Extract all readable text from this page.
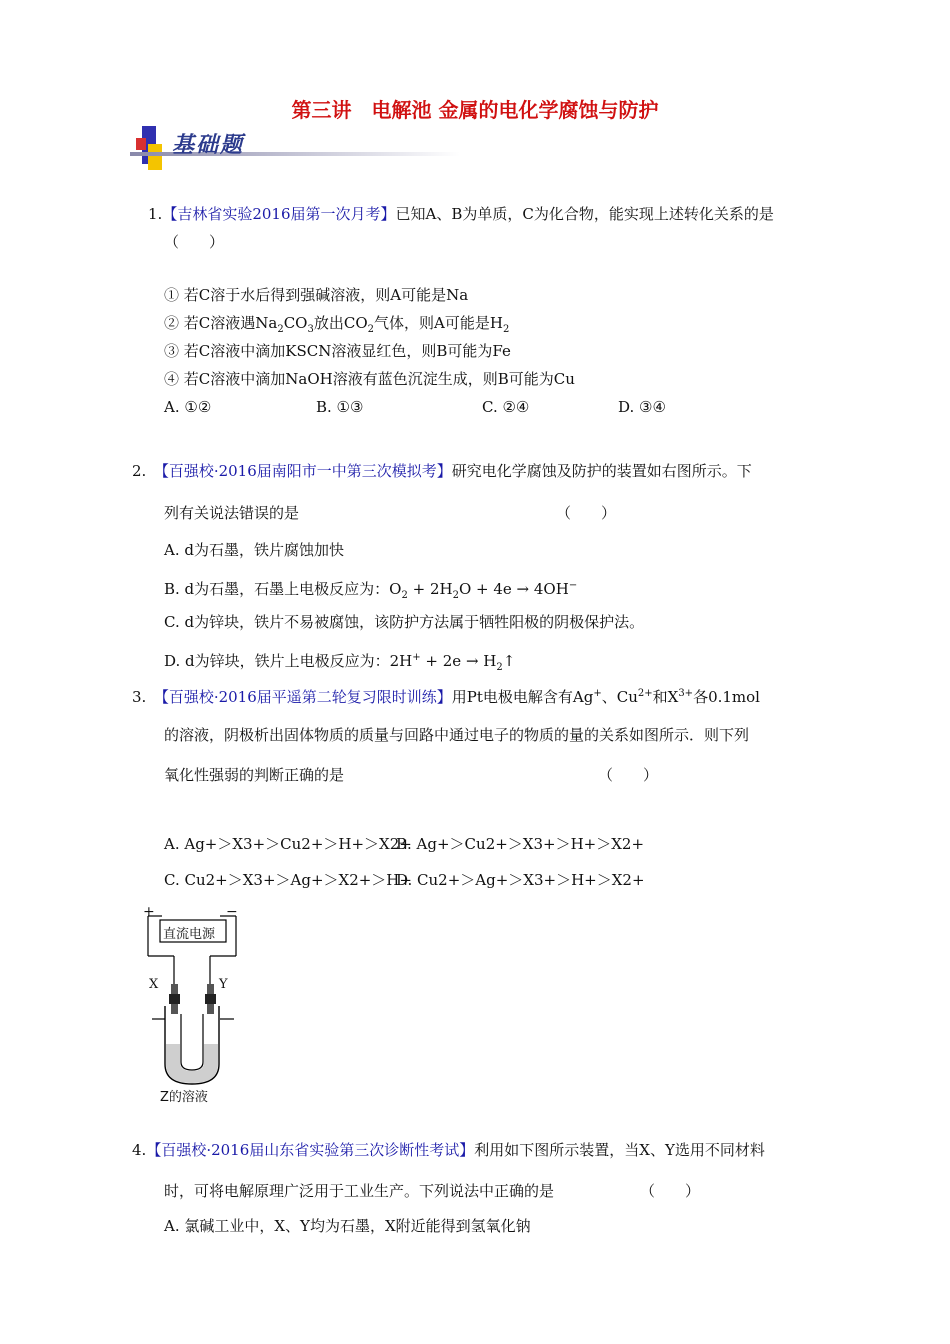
第三讲　电解池 金属的电化学腐蚀与防护
基础题
1.【吉林省实验2016届第一次月考】已知A、B为单质，C为化合物，能实现上述转化关系的是
（　　）
① 若C溶于水后得到强碱溶液，则A可能是Na
② 若C溶液遇$Na_2CO_3$放出$CO_2$气体，则A可能是$H_2$
③ 若C溶液中滴加KSCN溶液显红色，则B可能为Fe
④ 若C溶液中滴加NaOH溶液有蓝色沉淀生成，则B可能为Cu
A. ①②	B. ①③	C. ②④	D. ③④
2.　 【百强校·2016届南阳市一中第三次模拟考】研究电化学腐蚀及防护的装置如右图所示。下
列有关说法错误的是	（　　）
A. d为石墨，铁片腐蚀加快
B. d为石墨，石墨上电极反应为：$O_2 + 2H_2O + 4e \to 4OH^-$
C. d为锌块，铁片不易被腐蚀，该防护方法属于牺牲阳极的阴极保护法。
D. d为锌块，铁片上电极反应为：$2H^+ + 2e \to H_2↑$
3.　 【百强校·2016届平遥第二轮复习限时训练】用Pt电极电解含有Ag+、$Cu^{2+}$和$X^{3+}$各0.1mol
的溶液，阴极析出固体物质的质量与回路中通过电子的物质的量的关系如图所示．则下列
氧化性强弱的判断正确的是	（　　）
A. Ag+＞X3+＞Cu2+＞H+＞X2+
B. Ag+＞Cu2+＞X3+＞H+＞X2+
C. Cu2+＞X3+＞Ag+＞X2+＞H+
D. Cu2+＞Ag+＞X3+＞H+＞X2+
+	−
直流电源
X	Y
Z的溶液
4.【百强校·2016届山东省实验第三次诊断性考试】利用如下图所示装置，当X、Y选用不同材料
时，可将电解原理广泛用于工业生产。下列说法中正确的是	（　　）
A. 氯碱工业中，X、Y均为石墨，X附近能得到氢氧化钠
